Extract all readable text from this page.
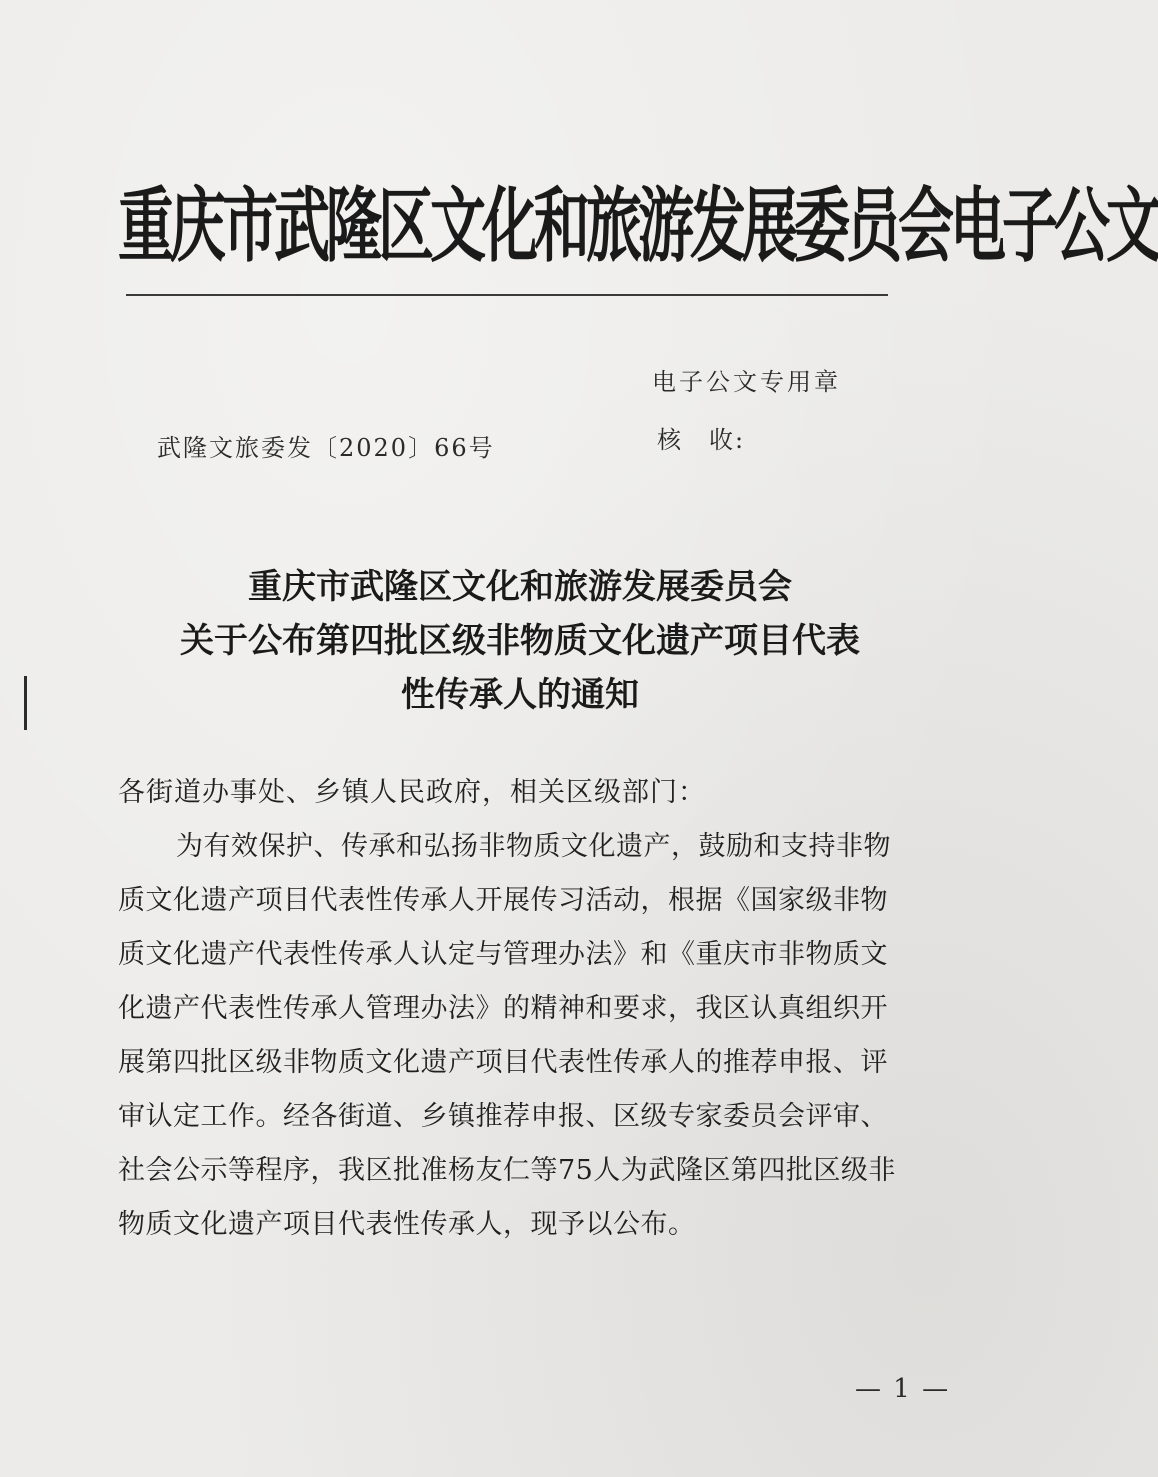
重庆市武隆区文化和旅游发展委员会电子公文
电子公文专用章
核　收:
武隆文旅委发〔2020〕66号
重庆市武隆区文化和旅游发展委员会
关于公布第四批区级非物质文化遗产项目代表
性传承人的通知
各街道办事处、乡镇人民政府，相关区级部门：
为有效保护、传承和弘扬非物质文化遗产，鼓励和支持非物
质文化遗产项目代表性传承人开展传习活动，根据《国家级非物
质文化遗产代表性传承人认定与管理办法》和《重庆市非物质文
化遗产代表性传承人管理办法》的精神和要求，我区认真组织开
展第四批区级非物质文化遗产项目代表性传承人的推荐申报、评
审认定工作。经各街道、乡镇推荐申报、区级专家委员会评审、
社会公示等程序，我区批准杨友仁等75人为武隆区第四批区级非
物质文化遗产项目代表性传承人，现予以公布。
— 1 —
